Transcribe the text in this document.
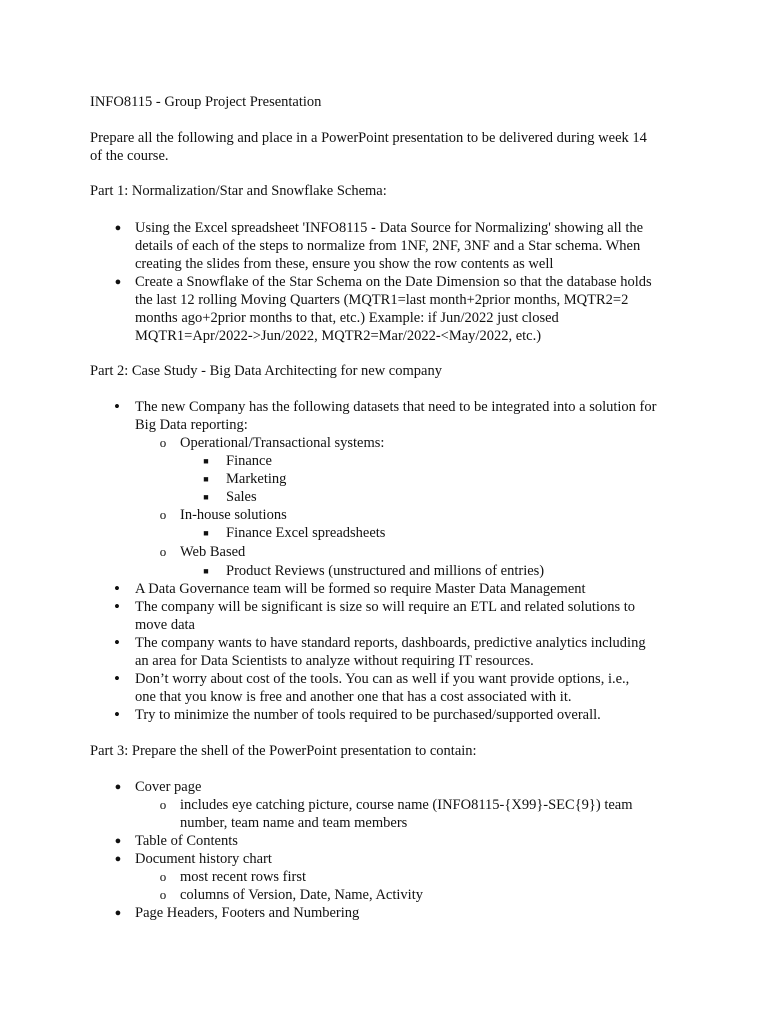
INFO8115 - Group Project Presentation
Prepare all the following and place in a PowerPoint presentation to be delivered during week 14
of the course.
Part 1: Normalization/Star and Snowflake Schema:
● Using the Excel spreadsheet 'INFO8115 - Data Source for Normalizing' showing all the
details of each of the steps to normalize from 1NF, 2NF, 3NF and a Star schema. When
creating the slides from these, ensure you show the row contents as well
● Create a Snowflake of the Star Schema on the Date Dimension so that the database holds
the last 12 rolling Moving Quarters (MQTR1=last month+2prior months, MQTR2=2
months ago+2prior months to that, etc.) Example: if Jun/2022 just closed
MQTR1=Apr/2022->Jun/2022, MQTR2=Mar/2022-<May/2022, etc.)
Part 2: Case Study - Big Data Architecting for new company
• The new Company has the following datasets that need to be integrated into a solution for
Big Data reporting:
o Operational/Transactional systems:
■ Finance
■ Marketing
■ Sales
o In-house solutions
■ Finance Excel spreadsheets
o Web Based
■ Product Reviews (unstructured and millions of entries)
• A Data Governance team will be formed so require Master Data Management
• The company will be significant is size so will require an ETL and related solutions to
move data
• The company wants to have standard reports, dashboards, predictive analytics including
an area for Data Scientists to analyze without requiring IT resources.
• Don’t worry about cost of the tools. You can as well if you want provide options, i.e.,
one that you know is free and another one that has a cost associated with it.
• Try to minimize the number of tools required to be purchased/supported overall.
Part 3: Prepare the shell of the PowerPoint presentation to contain:
● Cover page
o includes eye catching picture, course name (INFO8115-{X99}-SEC{9}) team
number, team name and team members
● Table of Contents
● Document history chart
o most recent rows first
o columns of Version, Date, Name, Activity
● Page Headers, Footers and Numbering
